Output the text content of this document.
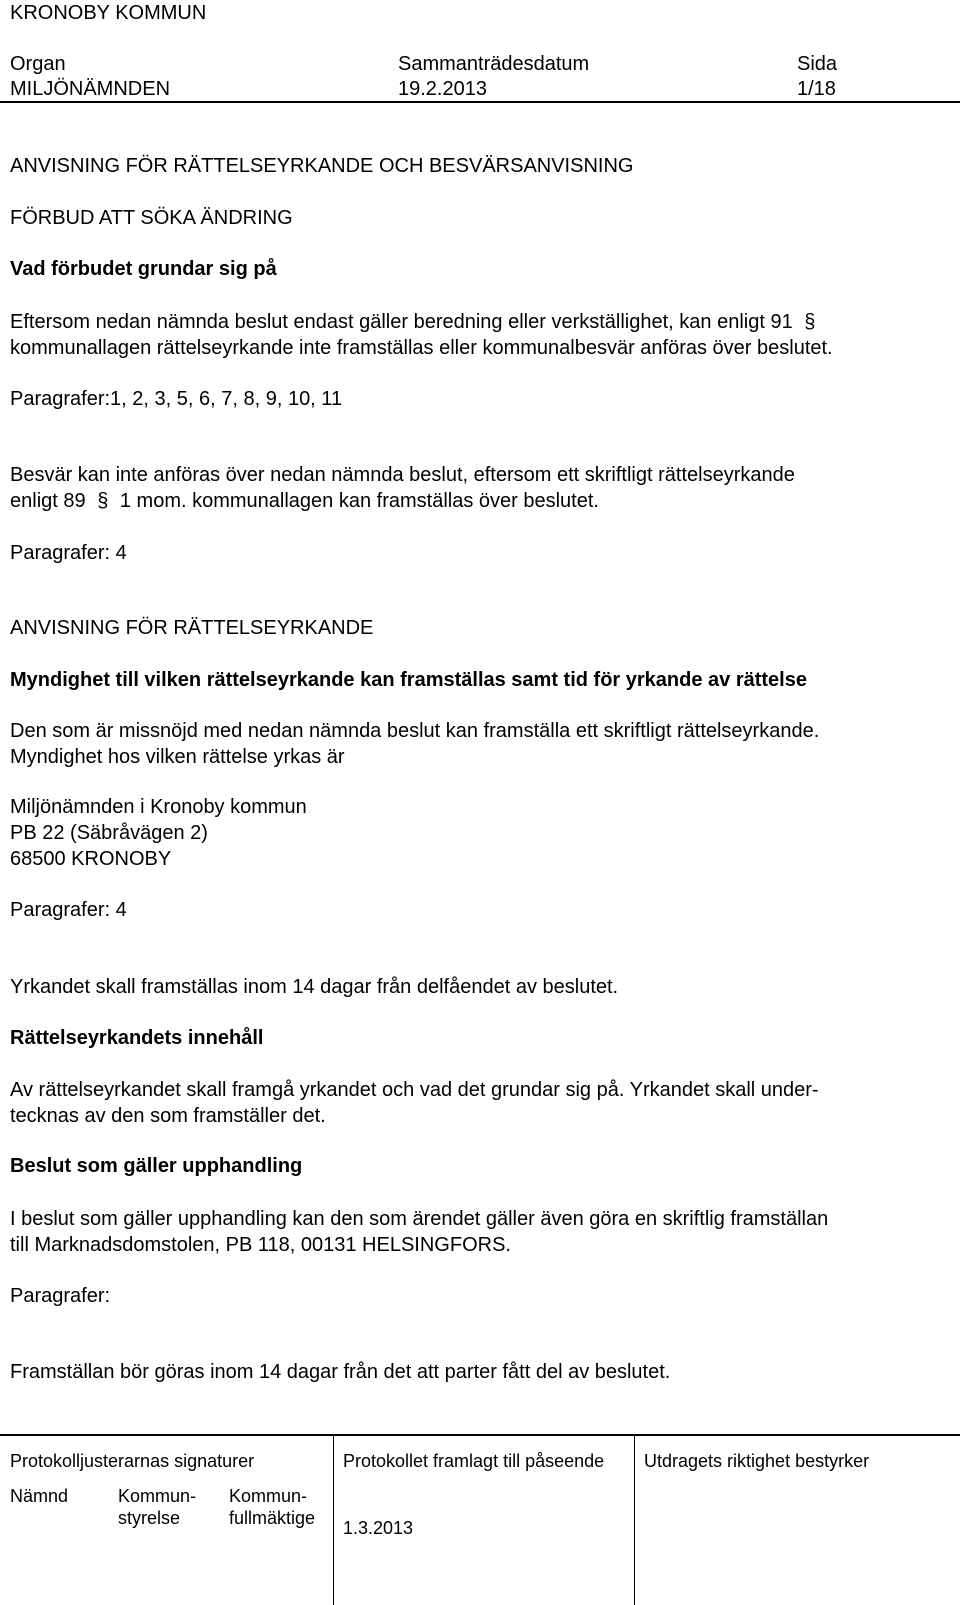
KRONOBY KOMMUN
Organ
MILJÖNÄMNDEN
Sammanträdesdatum
19.2.2013
Sida
1/18
ANVISNING FÖR RÄTTELSEYRKANDE OCH BESVÄRSANVISNING
FÖRBUD ATT SÖKA ÄNDRING
Vad förbudet grundar sig på
Eftersom nedan nämnda beslut endast gäller beredning eller verkställighet, kan enligt 91 §
kommunallagen rättelseyrkande inte framställas eller kommunalbesvär anföras över beslutet.
Paragrafer:1, 2, 3, 5, 6, 7, 8, 9, 10, 11
Besvär kan inte anföras över nedan nämnda beslut, eftersom ett skriftligt rättelseyrkande
enligt 89 § 1 mom. kommunallagen kan framställas över beslutet.
Paragrafer: 4
ANVISNING FÖR RÄTTELSEYRKANDE
Myndighet till vilken rättelseyrkande kan framställas samt tid för yrkande av rättelse
Den som är missnöjd med nedan nämnda beslut kan framställa ett skriftligt rättelseyrkande.
Myndighet hos vilken rättelse yrkas är
Miljönämnden i Kronoby kommun
PB 22 (Säbråvägen 2)
68500 KRONOBY
Paragrafer: 4
Yrkandet skall framställas inom 14 dagar från delfåendet av beslutet.
Rättelseyrkandets innehåll
Av rättelseyrkandet skall framgå yrkandet och vad det grundar sig på. Yrkandet skall under-
tecknas av den som framställer det.
Beslut som gäller upphandling
I beslut som gäller upphandling kan den som ärendet gäller även göra en skriftlig framställan
till Marknadsdomstolen, PB 118, 00131 HELSINGFORS.
Paragrafer:
Framställan bör göras inom 14 dagar från det att parter fått del av beslutet.
Protokolljusterarnas signaturer	Protokollet framlagt till påseende Utdragets riktighet bestyrker
Nämnd	Kommun-
styrelse
Kommun-
fullmäktige 1.3.2013
